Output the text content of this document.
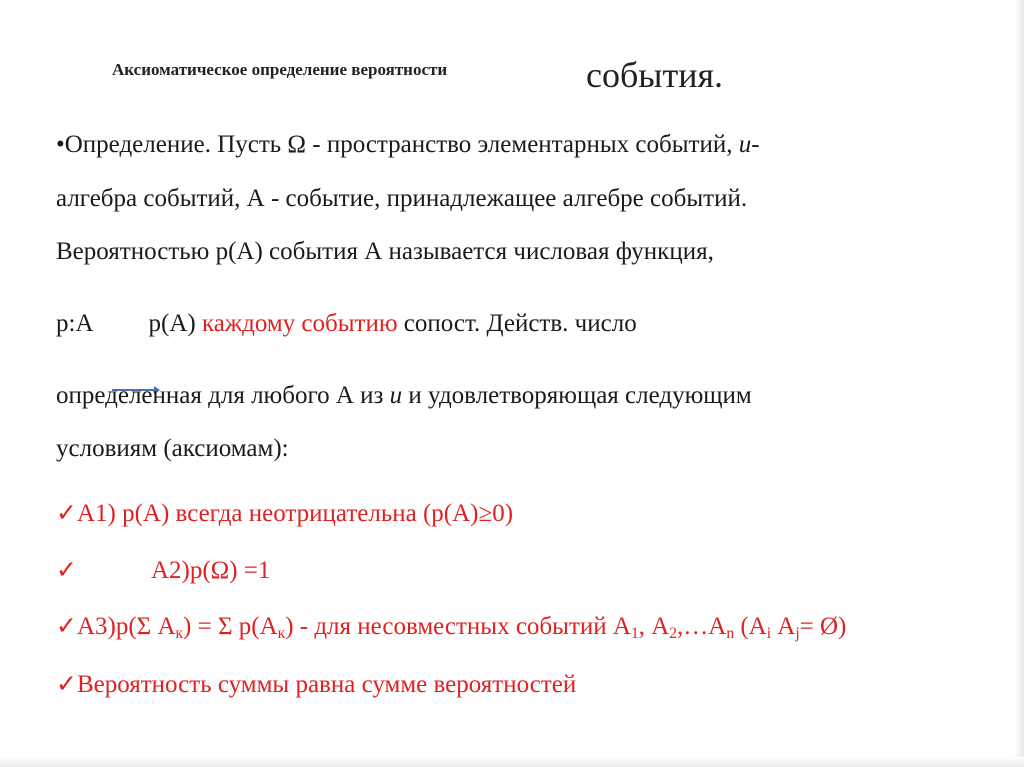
Аксиоматическое определение вероятности	события.
•Определение. Пусть Ω - пространство элементарных событий, u-
алгебра событий, А - событие, принадлежащее алгебре событий.
Вероятностью p(A) события А называется числовая функция,
p:A p(A) каждому событию сопост. Действ. число
определенная для любого А из u и удовлетворяющая следующим
условиям (аксиомам):
✓А1) p(A) всегда неотрицательна (p(A)≥0)
✓	А2)p(Ω) =1
✓А3)p(Σ $А_к) = \Sigma$ $p(А_к)$ - для несовместных событий $А_1$, $А_2,\dots А_n$ ($А_i$ $А_j=$ Ø)
✓Вероятность суммы равна сумме вероятностей
